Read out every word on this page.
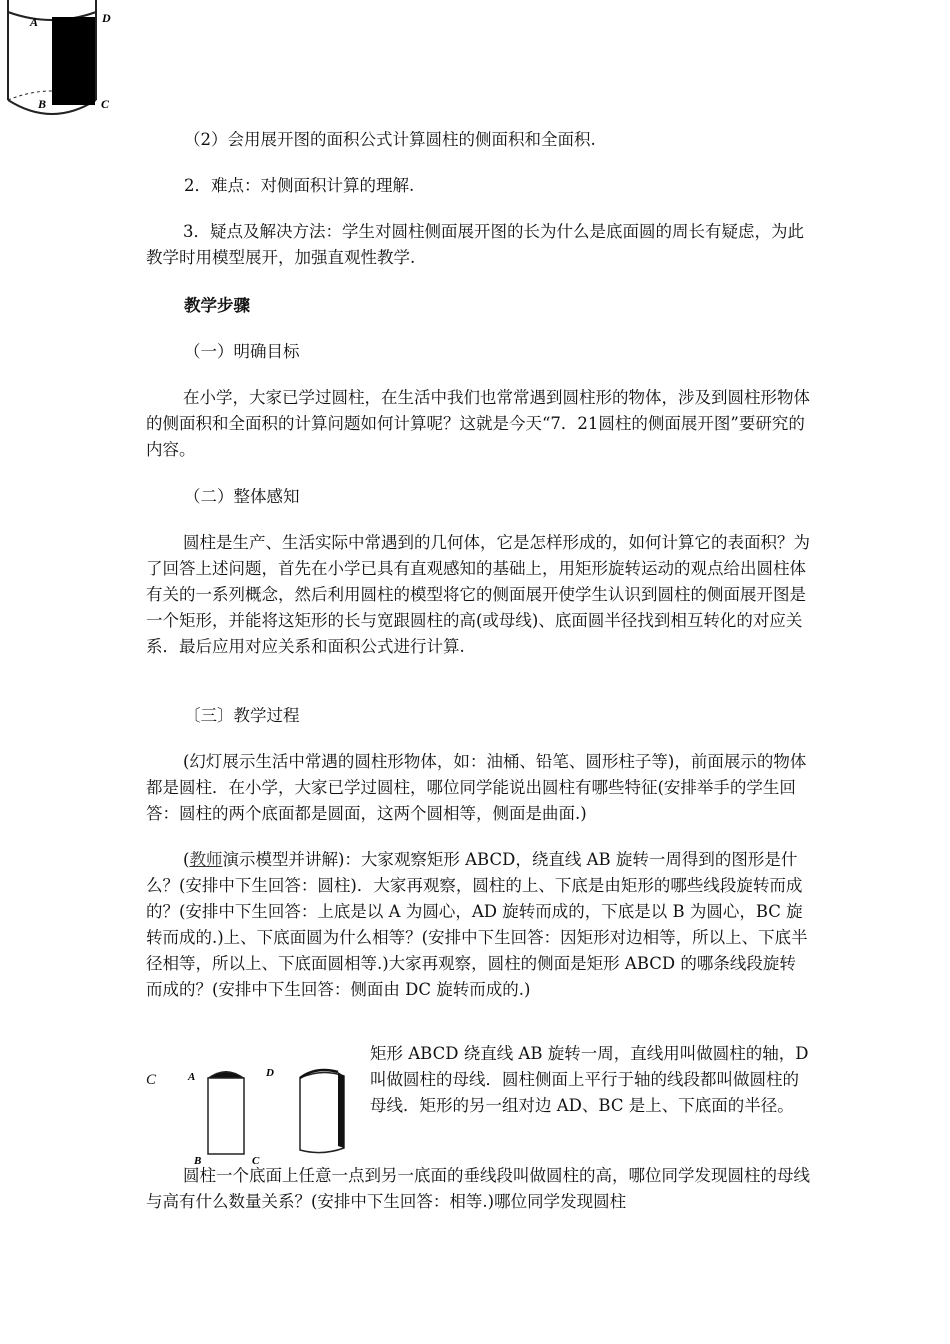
A	D
B	C

（2）会用展开图的面积公式计算圆柱的侧面积和全面积.

2．难点：对侧面积计算的理解.

3．疑点及解决方法：学生对圆柱侧面展开图的长为什么是底面圆的周长有疑虑，为此教学时用模型展开，加强直观性教学.

教学步骤

（一）明确目标

在小学，大家已学过圆柱，在生活中我们也常常遇到圆柱形的物体，涉及到圆柱形物体的侧面积和全面积的计算问题如何计算呢？这就是今天“7．21圆柱的侧面展开图”要研究的内容。

（二）整体感知

圆柱是生产、生活实际中常遇到的几何体，它是怎样形成的，如何计算它的表面积？为了回答上述问题，首先在小学已具有直观感知的基础上，用矩形旋转运动的观点给出圆柱体有关的一系列概念，然后利用圆柱的模型将它的侧面展开使学生认识到圆柱的侧面展开图是一个矩形，并能将这矩形的长与宽跟圆柱的高(或母线)、底面圆半径找到相互转化的对应关系．最后应用对应关系和面积公式进行计算.

〔三〕教学过程

(幻灯展示生活中常遇的圆柱形物体，如：油桶、铅笔、圆形柱子等)，前面展示的物体都是圆柱．在小学，大家已学过圆柱，哪位同学能说出圆柱有哪些特征(安排举手的学生回答：圆柱的两个底面都是圆面，这两个圆相等，侧面是曲面.)

(教师演示模型并讲解)：大家观察矩形 ABCD，绕直线 AB 旋转一周得到的图形是什么？(安排中下生回答：圆柱)．大家再观察，圆柱的上、下底是由矩形的哪些线段旋转而成的？(安排中下生回答：上底是以 A 为圆心，AD 旋转而成的，下底是以 B 为圆心，BC 旋转而成的.)上、下底面圆为什么相等？(安排中下生回答：因矩形对边相等，所以上、下底半径相等，所以上、下底面圆相等.)大家再观察，圆柱的侧面是矩形 ABCD 的哪条线段旋转而成的？(安排中下生回答：侧面由 DC 旋转而成的.)

C	A	D
B	C

矩形 ABCD 绕直线 AB 旋转一周，直线用叫做圆柱的轴，D 叫做圆柱的母线．圆柱侧面上平行于轴的线段都叫做圆柱的母线．矩形的另一组对边 AD、BC 是上、下底面的半径。

圆柱一个底面上任意一点到另一底面的垂线段叫做圆柱的高，哪位同学发现圆柱的母线与高有什么数量关系？(安排中下生回答：相等.)哪位同学发现圆柱
